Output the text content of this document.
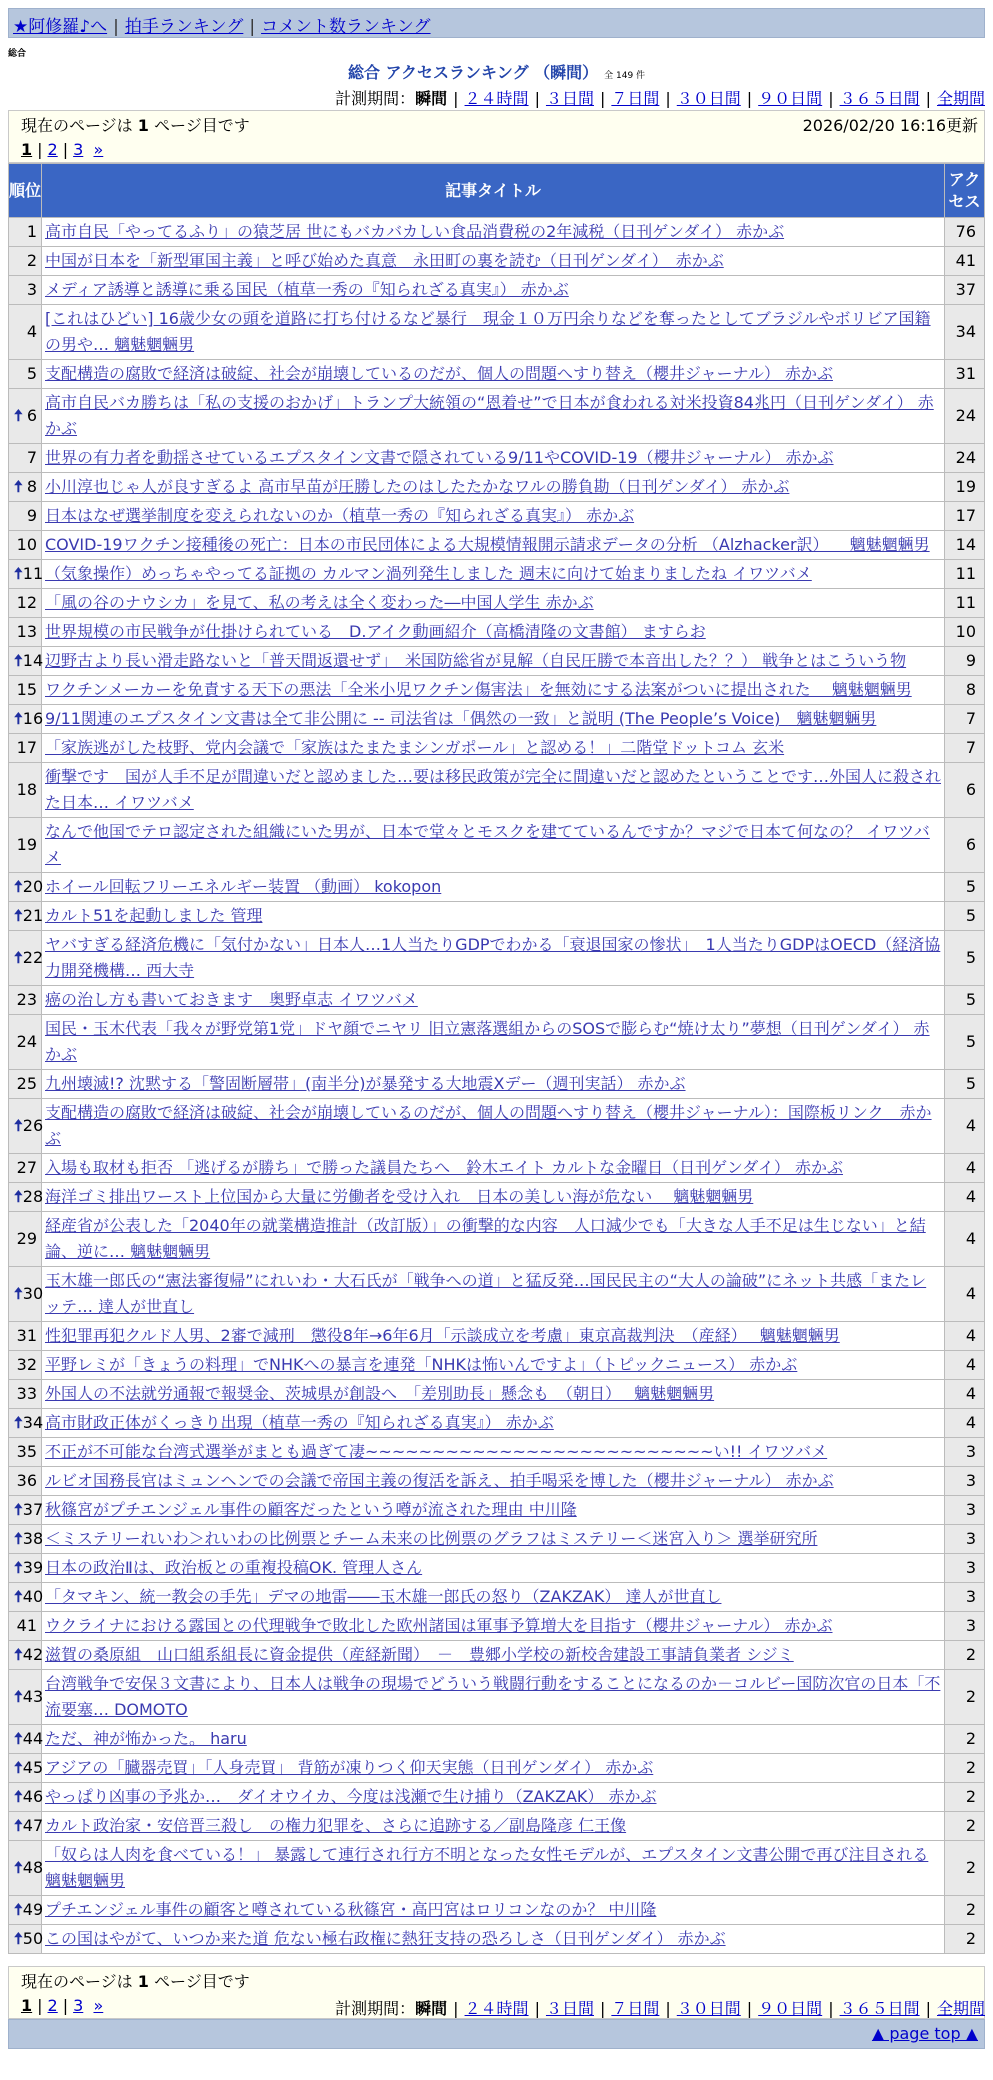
★阿修羅♪へ | 拍手ランキング | コメント数ランキング
総合
総合 アクセスランキング （瞬間） 全 149 件
計測期間：瞬間 | ２４時間 | ３日間 | ７日間 | ３０日間 | ９０日間 | ３６５日間 | 全期間
現在のページは 1 ページ目です	2026/02/20 16:16更新
1 | 2 | 3 »
順位	記事タイトル	アクセス
1	高市自民「やってるふり」の猿芝居 世にもバカバカしい食品消費税の2年減税（日刊ゲンダイ） 赤かぶ	76
2	中国が日本を「新型軍国主義」と呼び始めた真意　永田町の裏を読む（日刊ゲンダイ）　赤かぶ	41
3	メディア誘導と誘導に乗る国民（植草一秀の『知られざる真実』） 赤かぶ	37
4	[これはひどい] 16歳少女の頭を道路に打ち付けるなど暴行　現金１０万円余りなどを奪ったとしてブラジルやボリビア国籍の男や… 魑魅魍魎男	34
5	支配構造の腐敗で経済は破綻、社会が崩壊しているのだが、個人の問題へすり替え（櫻井ジャーナル） 赤かぶ	31

🠅 6	高市自民バカ勝ちは「私の支援のおかげ」トランプ大統領の“恩着せ”で日本が食われる対米投資84兆円（日刊ゲンダイ） 赤かぶ	24
7	世界の有力者を動揺させているエプスタイン文書で隠されている9/11やCOVID-19（櫻井ジャーナル） 赤かぶ	24

🠅 8	小川淳也じゃ人が良すぎるよ 高市早苗が圧勝したのはしたたかなワルの勝負勘（日刊ゲンダイ） 赤かぶ	19
9	日本はなぜ選挙制度を変えられないのか（植草一秀の『知られざる真実』） 赤かぶ	17
10	COVID-19ワクチン接種後の死亡：日本の市民団体による大規模情報開示請求データの分析 （Alzhacker訳） 　魑魅魍魎男	14

🠅 11	（気象操作）めっちゃやってる証拠の カルマン渦列発生しました 週末に向けて始まりましたね イワツバメ	11
12	「風の谷のナウシカ」を見て、私の考えは全く変わった―中国人学生 赤かぶ	11
13	世界規模の市民戦争が仕掛けられている　D.アイク動画紹介（高橋清隆の文書館） ますらお	10

🠅 14	辺野古より長い滑走路ないと「普天間返還せず」　米国防総省が見解（自民圧勝で本音出した？？） 戦争とはこういう物	9
15	ワクチンメーカーを免責する天下の悪法「全米小児ワクチン傷害法」を無効にする法案がついに提出された　 魑魅魍魎男	8

🠅 16	9/11関連のエプスタイン文書は全て非公開に -- 司法省は「偶然の一致」と説明 (The People’s Voice)　魑魅魍魎男	7
17	「家族逃がした枝野、党内会議で「家族はたまたまシンガポール」と認める！」二階堂ドットコム 玄米	7
18	衝撃です　国が人手不足が間違いだと認めました…要は移民政策が完全に間違いだと認めたということです…外国人に殺された日本… イワツバメ	6
19	なんで他国でテロ認定された組織にいた男が、日本で堂々とモスクを建てているんですか？マジで日本て何なの？ イワツバメ	6

🠅 20	ホイール回転フリーエネルギー装置 （動画） kokopon	5

🠅 21	カルト51を起動しました 管理	5

🠅 22	ヤバすぎる経済危機に「気付かない」日本人…1人当たりGDPでわかる「衰退国家の惨状」　1人当たりGDPはOECD（経済協力開発機構… 西大寺	5
23	癌の治し方も書いておきます　奥野卓志 イワツバメ	5
24	国民・玉木代表「我々が野党第1党」ドヤ顔でニヤリ 旧立憲落選組からのSOSで膨らむ“焼け太り”夢想（日刊ゲンダイ） 赤かぶ	5
25	九州壊滅!? 沈黙する「警固断層帯」(南半分)が暴発する大地震Xデー（週刊実話） 赤かぶ	5

🠅 26	支配構造の腐敗で経済は破綻、社会が崩壊しているのだが、個人の問題へすり替え（櫻井ジャーナル）：国際板リンク　赤かぶ	4
27	入場も取材も拒否 「逃げるが勝ち」で勝った議員たちへ　鈴木エイト カルトな金曜日（日刊ゲンダイ） 赤かぶ	4

🠅 28	海洋ゴミ排出ワースト上位国から大量に労働者を受け入れ　日本の美しい海が危ない　 魑魅魍魎男	4
29	経産省が公表した「2040年の就業構造推計（改訂版）」の衝撃的な内容　人口減少でも「大きな人手不足は生じない」と結論、逆に… 魑魅魍魎男	4

🠅 30	玉木雄一郎氏の“憲法審復帰”にれいわ・大石氏が「戦争への道」と猛反発…国民民主の“大人の論破”にネット共感「またレッテ… 達人が世直し	4
31	性犯罪再犯クルド人男、2審で減刑　懲役8年→6年6月「示談成立を考慮」東京高裁判決　（産経）　 魑魅魍魎男	4
32	平野レミが「きょうの料理」でNHKへの暴言を連発「NHKは怖いんですよ」（トピックニュース） 赤かぶ	4
33	外国人の不法就労通報で報奨金、茨城県が創設へ　「差別助長」懸念も　（朝日）　 魑魅魍魎男	4

🠅 34	高市財政正体がくっきり出現（植草一秀の『知られざる真実』） 赤かぶ	4
35	不正が不可能な台湾式選挙がまとも過ぎて凄~~~~~~~~~~~~~~~~~~~~~~~~~~い!! イワツバメ	3
36	ルビオ国務長官はミュンヘンでの会議で帝国主義の復活を訴え、拍手喝采を博した（櫻井ジャーナル） 赤かぶ	3

🠅 37	秋篠宮がプチエンジェル事件の顧客だったという噂が流された理由 中川隆	3

🠅 38	＜ミステリーれいわ＞れいわの比例票とチーム未来の比例票のグラフはミステリー＜迷宮入り＞ 選挙研究所	3

🠅 39	日本の政治Ⅱは、政治板との重複投稿OK. 管理人さん	3

🠅 40	「タマキン、統一教会の手先」デマの地雷――玉木雄一郎氏の怒り（ZAKZAK） 達人が世直し	3
41	ウクライナにおける露国との代理戦争で敗北した欧州諸国は軍事予算増大を目指す（櫻井ジャーナル） 赤かぶ	3

🠅 42	滋賀の桑原組　山口組系組長に資金提供（産経新聞）　－　豊郷小学校の新校舎建設工事請負業者 シジミ	2

🠅 43	台湾戦争で安保３文書により、日本人は戦争の現場でどういう戦闘行動をすることになるのか－コルビー国防次官の日本「不流要塞… DOMOTO	2

🠅 44	ただ、神が怖かった。 haru	2

🠅 45	アジアの「臓器売買」「人身売買」 背筋が凍りつく仰天実態（日刊ゲンダイ） 赤かぶ	2

🠅 46	やっぱり凶事の予兆か…　ダイオウイカ、今度は浅瀬で生け捕り（ZAKZAK） 赤かぶ	2

🠅 47	カルト政治家・安倍晋三殺し　の権力犯罪を、さらに追跡する／副島隆彦 仁王像	2

🠅 48	「奴らは人肉を食べている！」 暴露して連行され行方不明となった女性モデルが、エプスタイン文書公開で再び注目される 魑魅魍魎男	2

🠅 49	プチエンジェル事件の顧客と噂されている秋篠宮・高円宮はロリコンなのか？ 中川隆	2

🠅 50	この国はやがて、いつか来た道 危ない極右政権に熱狂支持の恐ろしさ（日刊ゲンダイ） 赤かぶ	2
現在のページは 1 ページ目です
1 | 2 | 3 »	計測期間：瞬間 | ２４時間 | ３日間 | ７日間 | ３０日間 | ９０日間 | ３６５日間 | 全期間
▲ page top ▲
